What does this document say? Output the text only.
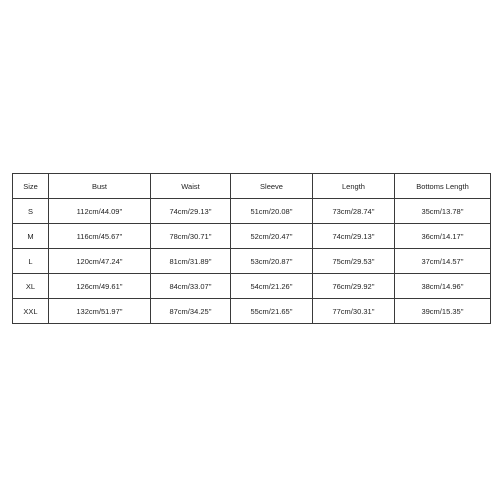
Size	Bust	Waist	Sleeve	Length	Bottoms Length
S	112cm/44.09''	74cm/29.13''	51cm/20.08''	73cm/28.74''	35cm/13.78''
M	116cm/45.67''	78cm/30.71''	52cm/20.47''	74cm/29.13''	36cm/14.17''
L	120cm/47.24''	81cm/31.89''	53cm/20.87''	75cm/29.53''	37cm/14.57''
XL	126cm/49.61''	84cm/33.07''	54cm/21.26''	76cm/29.92''	38cm/14.96''
XXL	132cm/51.97''	87cm/34.25''	55cm/21.65''	77cm/30.31''	39cm/15.35''
